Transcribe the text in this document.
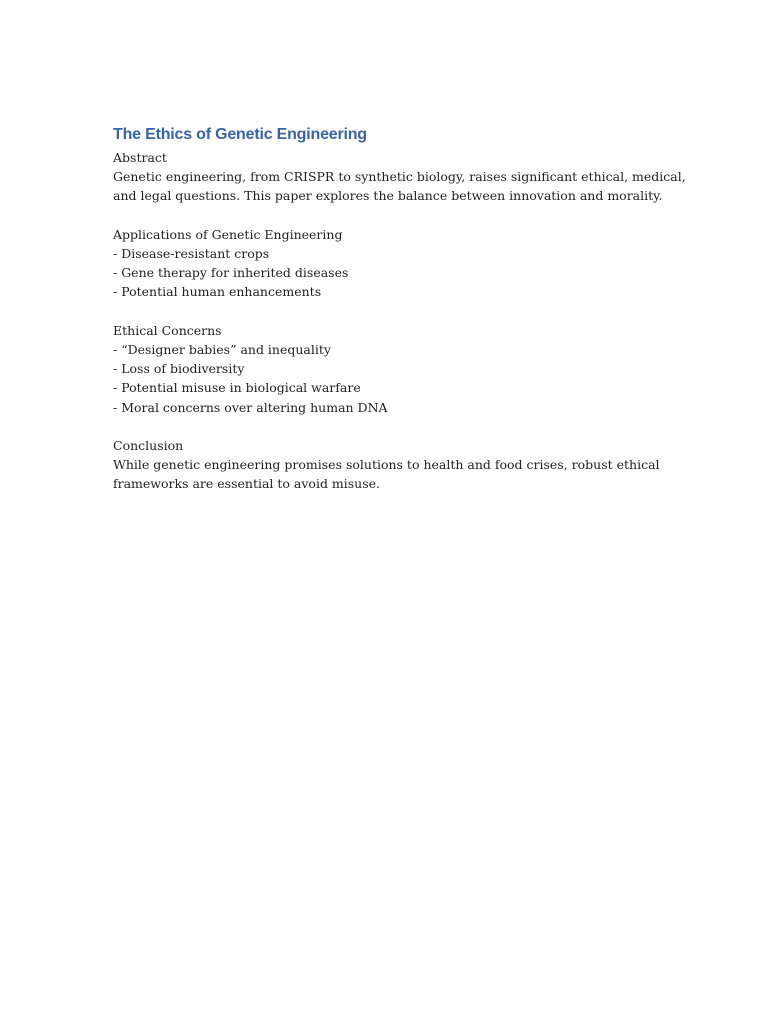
The Ethics of Genetic Engineering
Abstract
Genetic engineering, from CRISPR to synthetic biology, raises significant ethical, medical,
and legal questions. This paper explores the balance between innovation and morality.
Applications of Genetic Engineering
- Disease-resistant crops
- Gene therapy for inherited diseases
- Potential human enhancements
Ethical Concerns
- “Designer babies” and inequality
- Loss of biodiversity
- Potential misuse in biological warfare
- Moral concerns over altering human DNA
Conclusion
While genetic engineering promises solutions to health and food crises, robust ethical
frameworks are essential to avoid misuse.
